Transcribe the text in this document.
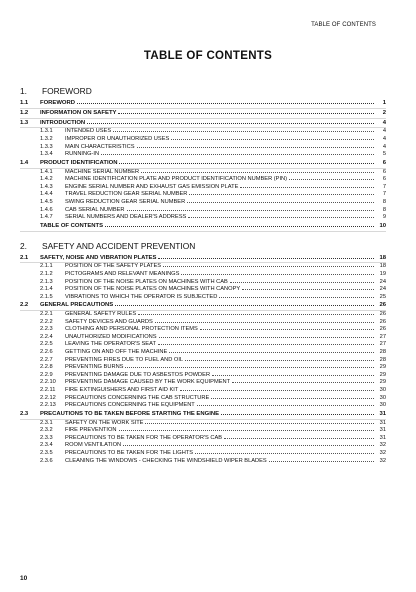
TABLE OF CONTENTS
TABLE OF CONTENTS
1.	FOREWORD
1.1	FOREWORD	1
1.2	INFORMATION ON SAFETY	2
1.3	INTRODUCTION	4
1.3.1	INTENDED USES	4
1.3.2	IMPROPER OR UNAUTHORIZED USES	4
1.3.3	MAIN CHARACTERISTICS	4
1.3.4	RUNNING-IN	5
1.4	PRODUCT IDENTIFICATION	6
1.4.1	MACHINE SERIAL NUMBER	6
1.4.2	MACHINE IDENTIFICATION PLATE AND PRODUCT IDENTIFICATION NUMBER (PIN)	6
1.4.3	ENGINE SERIAL NUMBER AND EXHAUST GAS EMISSION PLATE	7
1.4.4	TRAVEL REDUCTION GEAR SERIAL NUMBER	7
1.4.5	SWING REDUCTION GEAR SERIAL NUMBER	8
1.4.6	CAB SERIAL NUMBER	8
1.4.7	SERIAL NUMBERS AND DEALER'S ADDRESS	9
TABLE OF CONTENTS	10
2.	SAFETY AND ACCIDENT PREVENTION
2.1	SAFETY, NOISE AND VIBRATION PLATES	18
2.1.1	POSITION OF THE SAFETY PLATES	18
2.1.2	PICTOGRAMS AND RELEVANT MEANINGS	19
2.1.3	POSITION OF THE NOISE PLATES ON MACHINES WITH CAB	24
2.1.4	POSITION OF THE NOISE PLATES ON MACHINES WITH CANOPY	24
2.1.5	VIBRATIONS TO WHICH THE OPERATOR IS SUBJECTED	25
2.2	GENERAL PRECAUTIONS	26
2.2.1	GENERAL SAFETY RULES	26
2.2.2	SAFETY DEVICES AND GUARDS	26
2.2.3	CLOTHING AND PERSONAL PROTECTION ITEMS	26
2.2.4	UNAUTHORIZED MODIFICATIONS	27
2.2.5	LEAVING THE OPERATOR'S SEAT	27
2.2.6	GETTING ON AND OFF THE MACHINE	28
2.2.7	PREVENTING FIRES DUE TO FUEL AND OIL	28
2.2.8	PREVENTING BURNS	29
2.2.9	PREVENTING DAMAGE DUE TO ASBESTOS POWDER	29
2.2.10	PREVENTING DAMAGE CAUSED BY THE WORK EQUIPMENT	29
2.2.11	FIRE EXTINGUISHERS AND FIRST AID KIT	30
2.2.12	PRECAUTIONS CONCERNING THE CAB STRUCTURE	30
2.2.13	PRECAUTIONS CONCERNING THE EQUIPMENT	30
2.3	PRECAUTIONS TO BE TAKEN BEFORE STARTING THE ENGINE	31
2.3.1	SAFETY ON THE WORK SITE	31
2.3.2	FIRE PREVENTION	31
2.3.3	PRECAUTIONS TO BE TAKEN FOR THE OPERATOR'S CAB	31
2.3.4	ROOM VENTILATION	32
2.3.5	PRECAUTIONS TO BE TAKEN FOR THE LIGHTS	32
2.3.6	CLEANING THE WINDOWS - CHECKING THE WINDSHIELD WIPER BLADES	32
10
